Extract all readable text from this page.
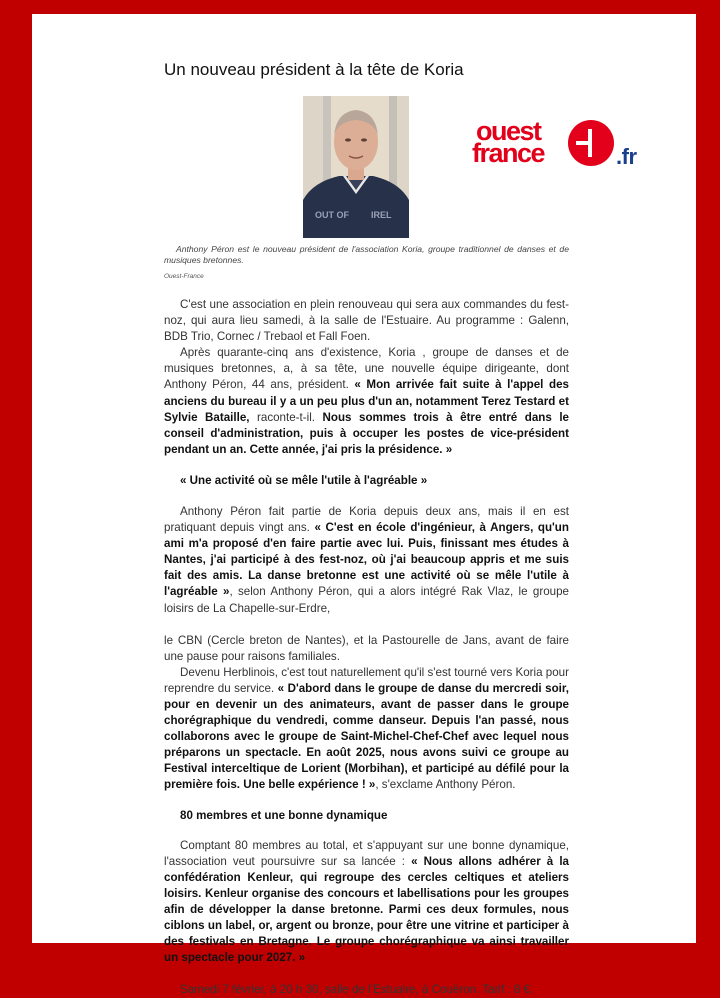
Un nouveau président à la tête de Koria
OUT OF IREL
ouest
france	.fr

Anthony Péron est le nouveau président de l'association Koria, groupe traditionnel de danses et de musiques bretonnes.

Ouest-France

C'est une association en plein renouveau qui sera aux commandes du fest-noz, qui aura lieu samedi, à la salle de l'Estuaire. Au programme : Galenn, BDB Trio, Cornec / Trebaol et Fall Foen.

Après quarante-cinq ans d'existence, Koria , groupe de danses et de musiques bretonnes, a, à sa tête, une nouvelle équipe dirigeante, dont Anthony Péron, 44 ans, président. « Mon arrivée fait suite à l'appel des anciens du bureau il y a un peu plus d'un an, notamment Terez Testard et Sylvie Bataille, raconte-t-il. Nous sommes trois à être entré dans le conseil d'administration, puis à occuper les postes de vice-président pendant un an. Cette année, j'ai pris la présidence. »

« Une activité où se mêle l'utile à l'agréable »

Anthony Péron fait partie de Koria depuis deux ans, mais il en est pratiquant depuis vingt ans. « C'est en école d'ingénieur, à Angers, qu'un ami m'a proposé d'en faire partie avec lui. Puis, finissant mes études à Nantes, j'ai participé à des fest-noz, où j'ai beaucoup appris et me suis fait des amis. La danse bretonne est une activité où se mêle l'utile à l'agréable », selon Anthony Péron, qui a alors intégré Rak Vlaz, le groupe loisirs de La Chapelle-sur-Erdre,

le CBN (Cercle breton de Nantes), et la Pastourelle de Jans, avant de faire une pause pour raisons familiales.

Devenu Herblinois, c'est tout naturellement qu'il s'est tourné vers Koria pour reprendre du service. « D'abord dans le groupe de danse du mercredi soir, pour en devenir un des animateurs, avant de passer dans le groupe chorégraphique du vendredi, comme danseur. Depuis l'an passé, nous collaborons avec le groupe de Saint-Michel-Chef-Chef avec lequel nous préparons un spectacle. En août 2025, nous avons suivi ce groupe au Festival interceltique de Lorient (Morbihan), et participé au défilé pour la première fois. Une belle expérience ! », s'exclame Anthony Péron.

80 membres et une bonne dynamique

Comptant 80 membres au total, et s'appuyant sur une bonne dynamique, l'association veut poursuivre sur sa lancée : « Nous allons adhérer à la confédération Kenleur, qui regroupe des cercles celtiques et ateliers loisirs. Kenleur organise des concours et labellisations pour les groupes afin de développer la danse bretonne. Parmi ces deux formules, nous ciblons un label, or, argent ou bronze, pour être une vitrine et participer à des festivals en Bretagne. Le groupe chorégraphique va ainsi travailler un spectacle pour 2027. »

Samedi 7 février, à 20 h 30, salle de l'Estuaire, à Couëron. Tarif : 8 €.
